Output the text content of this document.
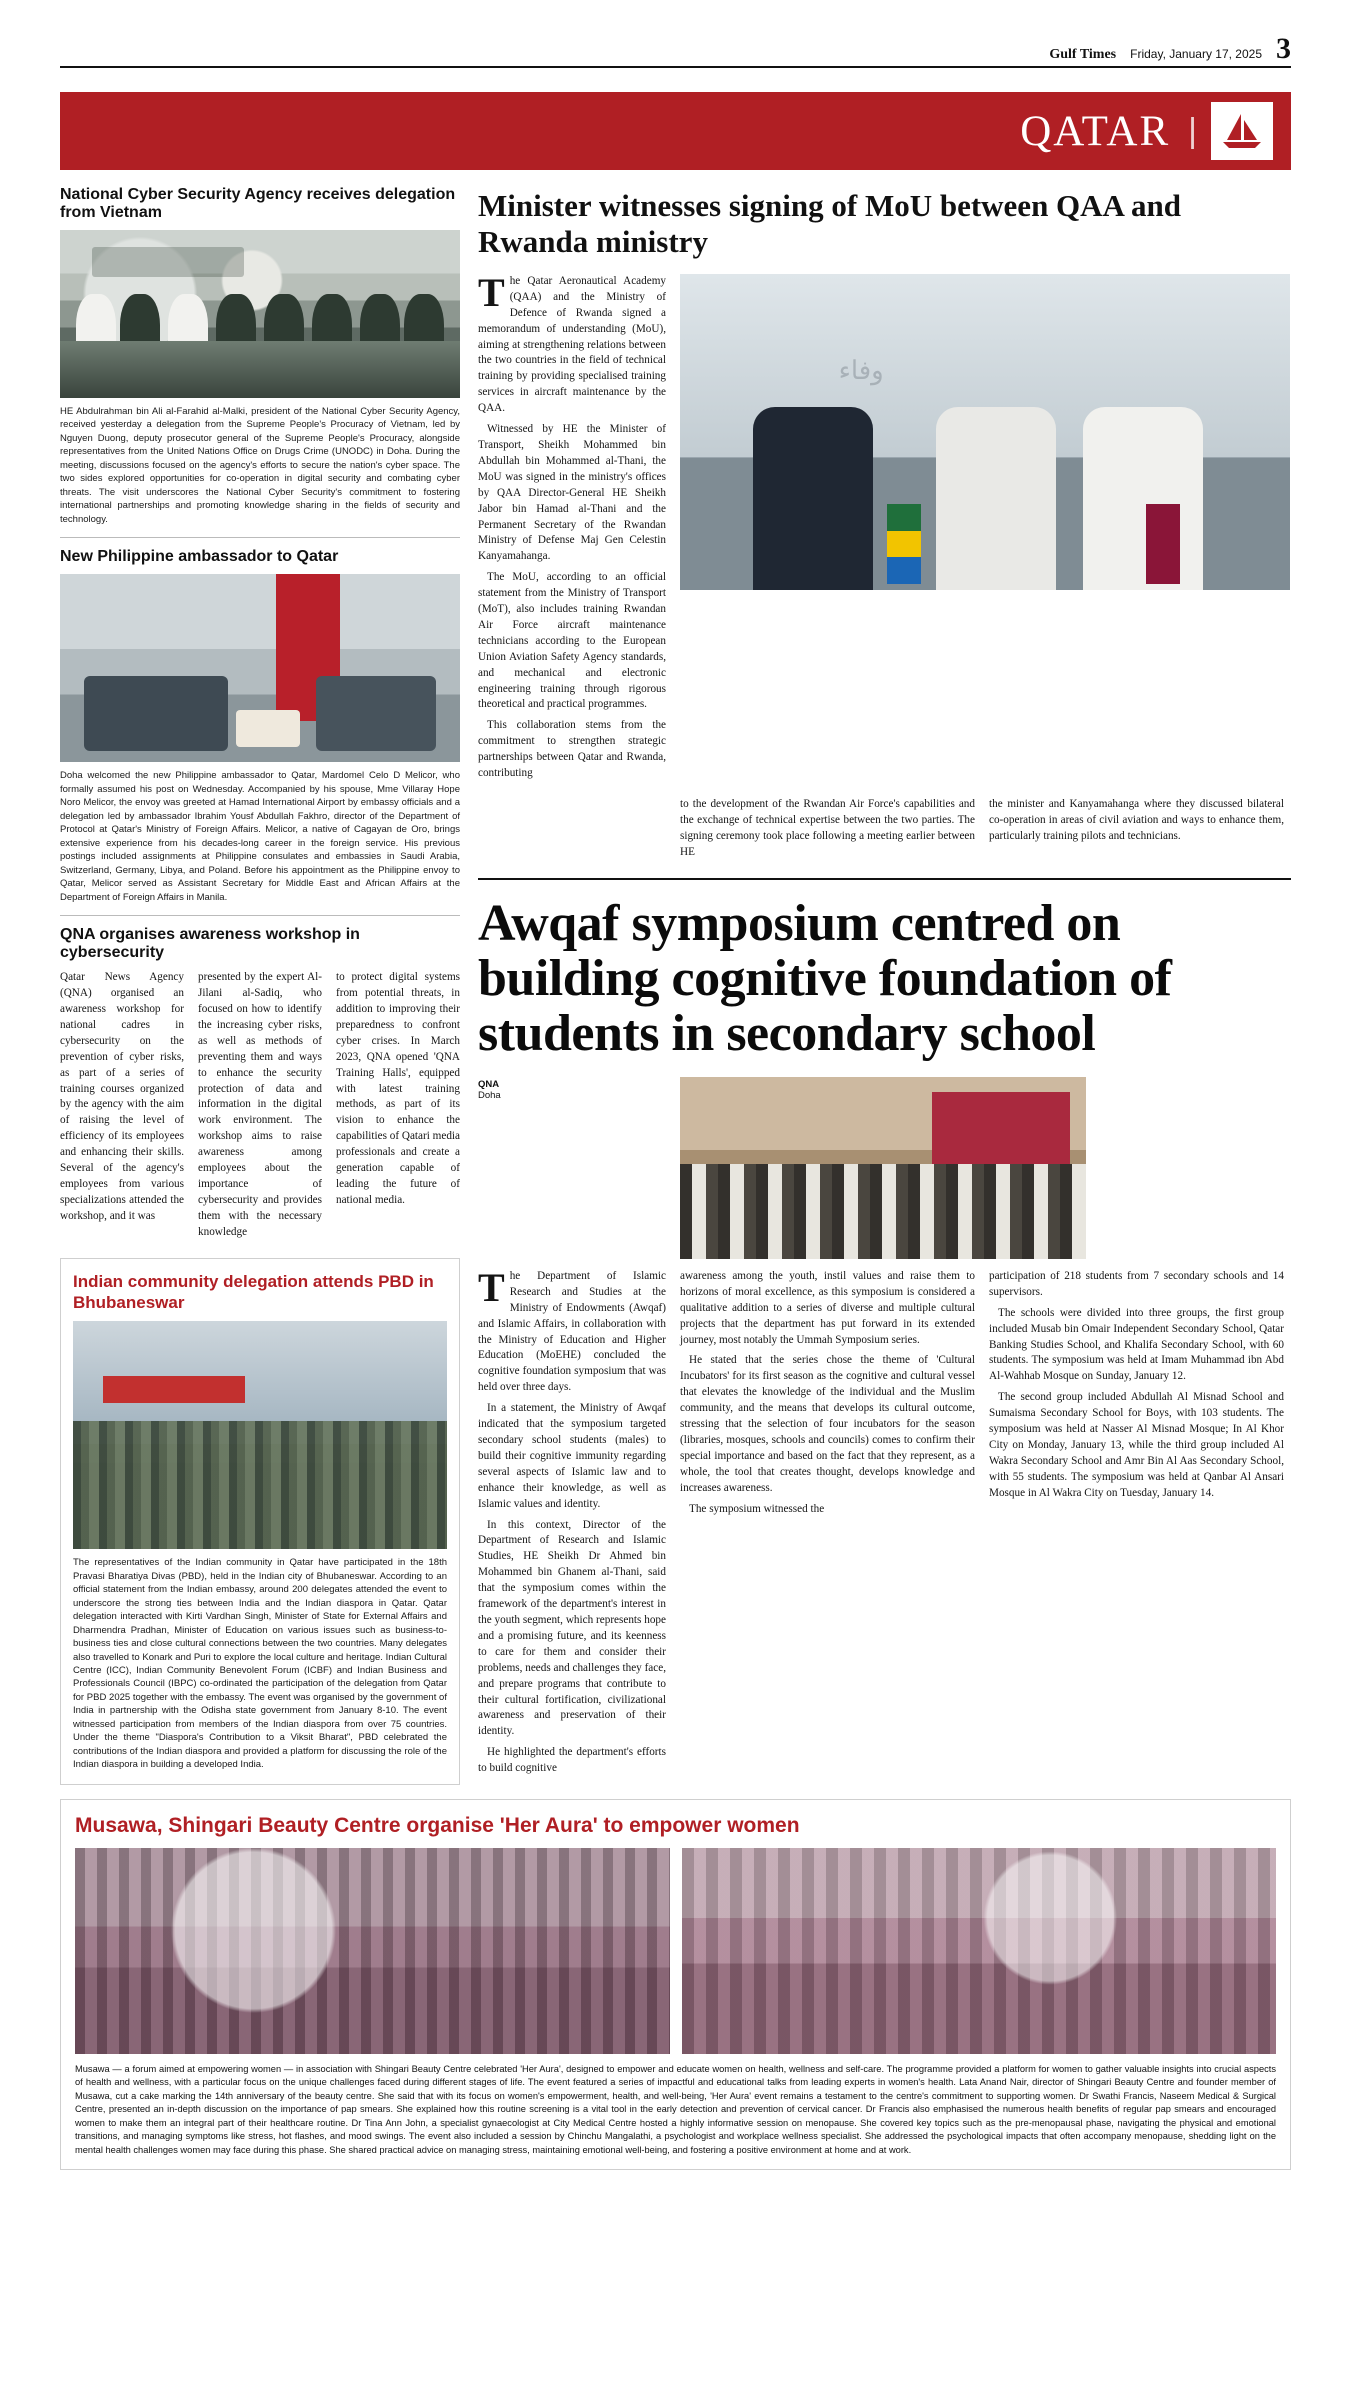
Gulf Times Friday, January 17, 2025 3
QATAR |
National Cyber Security Agency receives delegation from Vietnam
HE Abdulrahman bin Ali al-Farahid al-Malki, president of the National Cyber Security Agency, received yesterday a delegation from the Supreme People's Procuracy of Vietnam, led by Nguyen Duong, deputy prosecutor general of the Supreme People's Procuracy, alongside representatives from the United Nations Office on Drugs Crime (UNODC) in Doha. During the meeting, discussions focused on the agency's efforts to secure the nation's cyber space. The two sides explored opportunities for co-operation in digital security and combating cyber threats. The visit underscores the National Cyber Security's commitment to fostering international partnerships and promoting knowledge sharing in the fields of security and technology.
New Philippine ambassador to Qatar
Doha welcomed the new Philippine ambassador to Qatar, Mardomel Celo D Melicor, who formally assumed his post on Wednesday. Accompanied by his spouse, Mme Villaray Hope Noro Melicor, the envoy was greeted at Hamad International Airport by embassy officials and a delegation led by ambassador Ibrahim Yousf Abdullah Fakhro, director of the Department of Protocol at Qatar's Ministry of Foreign Affairs. Melicor, a native of Cagayan de Oro, brings extensive experience from his decades-long career in the foreign service. His previous postings included assignments at Philippine consulates and embassies in Saudi Arabia, Switzerland, Germany, Libya, and Poland. Before his appointment as the Philippine envoy to Qatar, Melicor served as Assistant Secretary for Middle East and African Affairs at the Department of Foreign Affairs in Manila.
QNA organises awareness workshop in cybersecurity

Qatar News Agency (QNA) organised an awareness workshop for national cadres in cybersecurity on the prevention of cyber risks, as part of a series of training courses organized by the agency with the aim of raising the level of efficiency of its employees and enhancing their skills. Several of the agency's employees from various specializations attended the workshop, and it was

presented by the expert Al-Jilani al-Sadiq, who focused on how to identify the increasing cyber risks, as well as methods of preventing them and ways to enhance the security protection of data and information in the digital work environment. The workshop aims to raise awareness among employees about the importance of cybersecurity and provides them with the necessary knowledge

to protect digital systems from potential threats, in addition to improving their preparedness to confront cyber crises. In March 2023, QNA opened 'QNA Training Halls', equipped with latest training methods, as part of its vision to enhance the capabilities of Qatari media professionals and create a generation capable of leading the future of national media.

Indian community delegation attends PBD in Bhubaneswar
The representatives of the Indian community in Qatar have participated in the 18th Pravasi Bharatiya Divas (PBD), held in the Indian city of Bhubaneswar. According to an official statement from the Indian embassy, around 200 delegates attended the event to underscore the strong ties between India and the Indian diaspora in Qatar. Qatar delegation interacted with Kirti Vardhan Singh, Minister of State for External Affairs and Dharmendra Pradhan, Minister of Education on various issues such as business-to-business ties and close cultural connections between the two countries. Many delegates also travelled to Konark and Puri to explore the local culture and heritage. Indian Cultural Centre (ICC), Indian Community Benevolent Forum (ICBF) and Indian Business and Professionals Council (IBPC) co-ordinated the participation of the delegation from Qatar for PBD 2025 together with the embassy. The event was organised by the government of India in partnership with the Odisha state government from January 8-10. The event witnessed participation from members of the Indian diaspora from over 75 countries. Under the theme "Diaspora's Contribution to a Viksit Bharat", PBD celebrated the contributions of the Indian diaspora and provided a platform for discussing the role of the Indian diaspora in building a developed India.
Minister witnesses signing of MoU between QAA and Rwanda ministry

The Qatar Aeronautical Academy (QAA) and the Ministry of Defence of Rwanda signed a memorandum of understanding (MoU), aiming at strengthening relations between the two countries in the field of technical training by providing specialised training services in aircraft maintenance by the QAA.

Witnessed by HE the Minister of Transport, Sheikh Mohammed bin Abdullah bin Mohammed al-Thani, the MoU was signed in the ministry's offices by QAA Director-General HE Sheikh Jabor bin Hamad al-Thani and the Permanent Secretary of the Rwandan Ministry of Defense Maj Gen Celestin Kanyamahanga.

The MoU, according to an official statement from the Ministry of Transport (MoT), also includes training Rwandan Air Force aircraft maintenance technicians according to the European Union Aviation Safety Agency standards, and mechanical and electronic engineering training through rigorous theoretical and practical programmes.

This collaboration stems from the commitment to strengthen strategic partnerships between Qatar and Rwanda, contributing

وفاء

to the development of the Rwandan Air Force's capabilities and the exchange of technical expertise between the two parties. The signing ceremony took place following a meeting earlier between HE

the minister and Kanyamahanga where they discussed bilateral co-operation in areas of civil aviation and ways to enhance them, particularly training pilots and technicians.

Awqaf symposium centred on building cognitive foundation of students in secondary school
QNA
Doha

The Department of Islamic Research and Studies at the Ministry of Endowments (Awqaf) and Islamic Affairs, in collaboration with the Ministry of Education and Higher Education (MoEHE) concluded the cognitive foundation symposium that was held over three days.

In a statement, the Ministry of Awqaf indicated that the symposium targeted secondary school students (males) to build their cognitive immunity regarding several aspects of Islamic law and to enhance their knowledge, as well as Islamic values and identity.

In this context, Director of the Department of Research and Islamic Studies, HE Sheikh Dr Ahmed bin Mohammed bin Ghanem al-Thani, said that the symposium comes within the framework of the department's interest in the youth segment, which represents hope and a promising future, and its keenness to care for them and consider their problems, needs and challenges they face, and prepare programs that contribute to their cultural fortification, civilizational awareness and preservation of their identity.

He highlighted the department's efforts to build cognitive

awareness among the youth, instil values and raise them to horizons of moral excellence, as this symposium is considered a qualitative addition to a series of diverse and multiple cultural projects that the department has put forward in its extended journey, most notably the Ummah Symposium series.

He stated that the series chose the theme of 'Cultural Incubators' for its first season as the cognitive and cultural vessel that elevates the knowledge of the individual and the Muslim community, and the means that develops its cultural outcome, stressing that the selection of four incubators for the season (libraries, mosques, schools and councils) comes to confirm their special importance and based on the fact that they represent, as a whole, the tool that creates thought, develops knowledge and increases awareness.

The symposium witnessed the

participation of 218 students from 7 secondary schools and 14 supervisors.

The schools were divided into three groups, the first group included Musab bin Omair Independent Secondary School, Qatar Banking Studies School, and Khalifa Secondary School, with 60 students. The symposium was held at Imam Muhammad ibn Abd Al-Wahhab Mosque on Sunday, January 12.

The second group included Abdullah Al Misnad School and Sumaisma Secondary School for Boys, with 103 students. The symposium was held at Nasser Al Misnad Mosque; In Al Khor City on Monday, January 13, while the third group included Al Wakra Secondary School and Amr Bin Al Aas Secondary School, with 55 students. The symposium was held at Qanbar Al Ansari Mosque in Al Wakra City on Tuesday, January 14.

Musawa, Shingari Beauty Centre organise 'Her Aura' to empower women
Musawa — a forum aimed at empowering women — in association with Shingari Beauty Centre celebrated 'Her Aura', designed to empower and educate women on health, wellness and self-care. The programme provided a platform for women to gather valuable insights into crucial aspects of health and wellness, with a particular focus on the unique challenges faced during different stages of life. The event featured a series of impactful and educational talks from leading experts in women's health. Lata Anand Nair, director of Shingari Beauty Centre and founder member of Musawa, cut a cake marking the 14th anniversary of the beauty centre. She said that with its focus on women's empowerment, health, and well-being, 'Her Aura' event remains a testament to the centre's commitment to supporting women. Dr Swathi Francis, Naseem Medical & Surgical Centre, presented an in-depth discussion on the importance of pap smears. She explained how this routine screening is a vital tool in the early detection and prevention of cervical cancer. Dr Francis also emphasised the numerous health benefits of regular pap smears and encouraged women to make them an integral part of their healthcare routine. Dr Tina Ann John, a specialist gynaecologist at City Medical Centre hosted a highly informative session on menopause. She covered key topics such as the pre-menopausal phase, navigating the physical and emotional transitions, and managing symptoms like stress, hot flashes, and mood swings. The event also included a session by Chinchu Mangalathi, a psychologist and workplace wellness specialist. She addressed the psychological impacts that often accompany menopause, shedding light on the mental health challenges women may face during this phase. She shared practical advice on managing stress, maintaining emotional well-being, and fostering a positive environment at home and at work.
